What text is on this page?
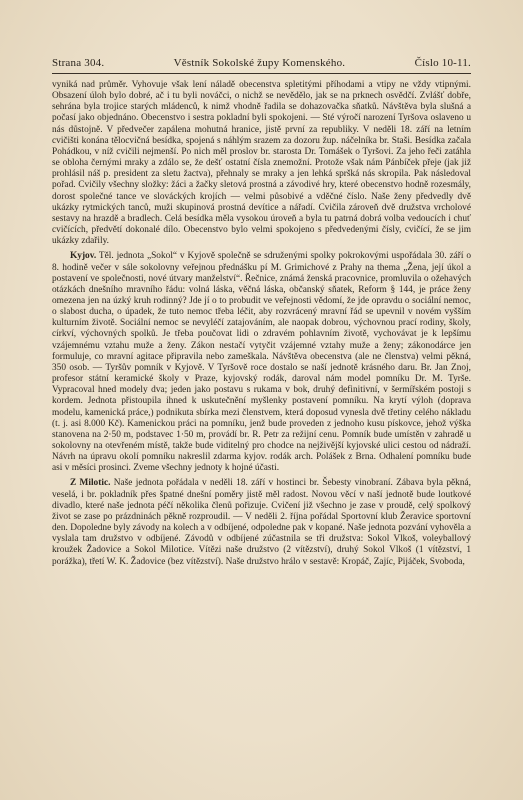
Strana 304.	Věstník Sokolské župy Komenského.	Číslo 10-11.

vyniká nad průměr. Vyhovuje však lení náladě obecenstva spletitými příhodami a vtipy ne vždy vtipnými. Obsazení úloh bylo dobré, ač i tu byli nováčci, o nichž se nevědělo, jak se na prknech osvědčí. Zvlášť dobře, sehrána byla trojice starých mládenců, k nimž vhodně řadila se dohazovačka sňatků. Návštěva byla slušná a počasí jako objednáno. Obecenstvo i sestra pokladní byli spokojeni. — Sté výročí narození Tyršova oslaveno u nás důstojně. V předvečer zapálena mohutná hranice, jistě první za republiky. V neděli 18. září na letním cvičišti konána tělocvičná besídka, spojená s náhlým srazem za dozoru žup. náčelníka br. Staši. Besídka začala Pohádkou, v níž cvičili nejmenší. Po nich měl proslov br. starosta Dr. Tomášek o Tyršovi. Za jeho řeči zatáhla se obloha černými mraky a zdálo se, že dešť ostatní čísla znemožní. Protože však nám Pánbíček přeje (jak již prohlásil náš p. president za sletu žactva), přehnaly se mraky a jen lehká spršká nás skropila. Pak následoval pořad. Cvičily všechny složky: žáci a žačky sletová prostná a závodivé hry, které obecenstvo hodně rozesmály, dorost společné tance ve slováckých krojích — velmi působivé a vděčné číslo. Naše ženy předvedly dvě ukázky rytmických tanců, muži skupinová prostná devítice a nářadí. Cvičila zároveň dvě družstva vrcholové sestavy na hrazdě a bradlech. Celá besídka měla vysokou úroveň a byla tu patrná dobrá volba vedoucích i chuť cvičících, předvětí dokonalé dílo. Obecenstvo bylo velmi spokojeno s předvedenými čísly, cvičící, že se jim ukázky zdařily.

Kyjov. Těl. jednota „Sokol“ v Kyjově společně se sdruženými spolky pokrokovými uspořádala 30. září o 8. hodině večer v sále sokolovny veřejnou přednášku pí M. Grimichové z Prahy na thema „Žena, její úkol a postavení ve společnosti, nové útvary manželství“. Řečnice, známá ženská pracovnice, promluvila o ožehavých otázkách dnešního mravního řádu: volná láska, věčná láska, občanský sňatek, Reform § 144, je práce ženy omezena jen na úzký kruh rodinný? Jde jí o to probudit ve veřejnosti vědomí, že jde opravdu o sociální nemoc, o slabost ducha, o úpadek, že tuto nemoc třeba léčit, aby rozvrácený mravní řád se upevnil v novém vyšším kulturním životě. Sociální nemoc se nevyléčí zatajováním, ale naopak dobrou, výchovnou prací rodiny, školy, církví, výchovných spolků. Je třeba poučovat lidi o zdravém pohlavním životě, vychovávat je k lepšímu vzájemnému vztahu muže a ženy. Zákon nestačí vytyčit vzájemné vztahy muže a ženy; zákonodárce jen formuluje, co mravní agitace připravila nebo zameškala. Návštěva obecenstva (ale ne členstva) velmi pěkná, 350 osob. — Tyršův pomník v Kyjově. V Tyršově roce dostalo se naší jednotě krásného daru. Br. Jan Znoj, profesor státní keramické školy v Praze, kyjovský rodák, daroval nám model pomníku Dr. M. Tyrše. Vypracoval hned modely dva; jeden jako postavu s rukama v bok, druhý definitivní, v šermířském postoji s kordem. Jednota přistoupila ihned k uskutečnění myšlenky postavení pomníku. Na krytí výloh (doprava modelu, kamenická práce,) podnikuta sbírka mezi členstvem, která doposud vynesla dvě třetiny celého nákladu (t. j. asi 8.000 Kč). Kamenickou práci na pomníku, jenž bude proveden z jednoho kusu pískovce, jehož výška stanovena na 2·50 m, podstavec 1·50 m, provádí br. R. Petr za režijní cenu. Pomník bude umístěn v zahradě u sokolovny na otevřeném místě, takže bude viditelný pro chodce na nejživější kyjovské ulici cestou od nádraží. Návrh na úpravu okolí pomníku nakreslil zdarma kyjov. rodák arch. Polášek z Brna. Odhalení pomníku bude asi v měsíci prosinci. Zveme všechny jednoty k hojné účasti.

Z Milotic. Naše jednota pořádala v neděli 18. září v hostinci br. Šebesty vinobraní. Zábava byla pěkná, veselá, i br. pokladník přes špatné dnešní poměry jistě měl radost. Novou věcí v naší jednotě bude loutkové divadlo, které naše jednota péčí několika členů pořizuje. Cvičení již všechno je zase v proudě, celý spolkový život se zase po prázdninách pěkně rozproudil. — V neděli 2. října pořádal Sportovní klub Žeravice sportovní den. Dopoledne byly závody na kolech a v odbíjené, odpoledne pak v kopané. Naše jednota pozvání vyhověla a vyslala tam družstvo v odbíjené. Závodů v odbíjené zúčastnila se tři družstva: Sokol Vlkoš, voleyballový kroužek Žadovice a Sokol Milotice. Vítězi naše družstvo (2 vítězství), druhý Sokol Vlkoš (1 vítězství, 1 porážka), třetí W. K. Žadovice (bez vítězství). Naše družstvo hrálo v sestavě: Kropáč, Zajíc, Pijáček, Svoboda,
